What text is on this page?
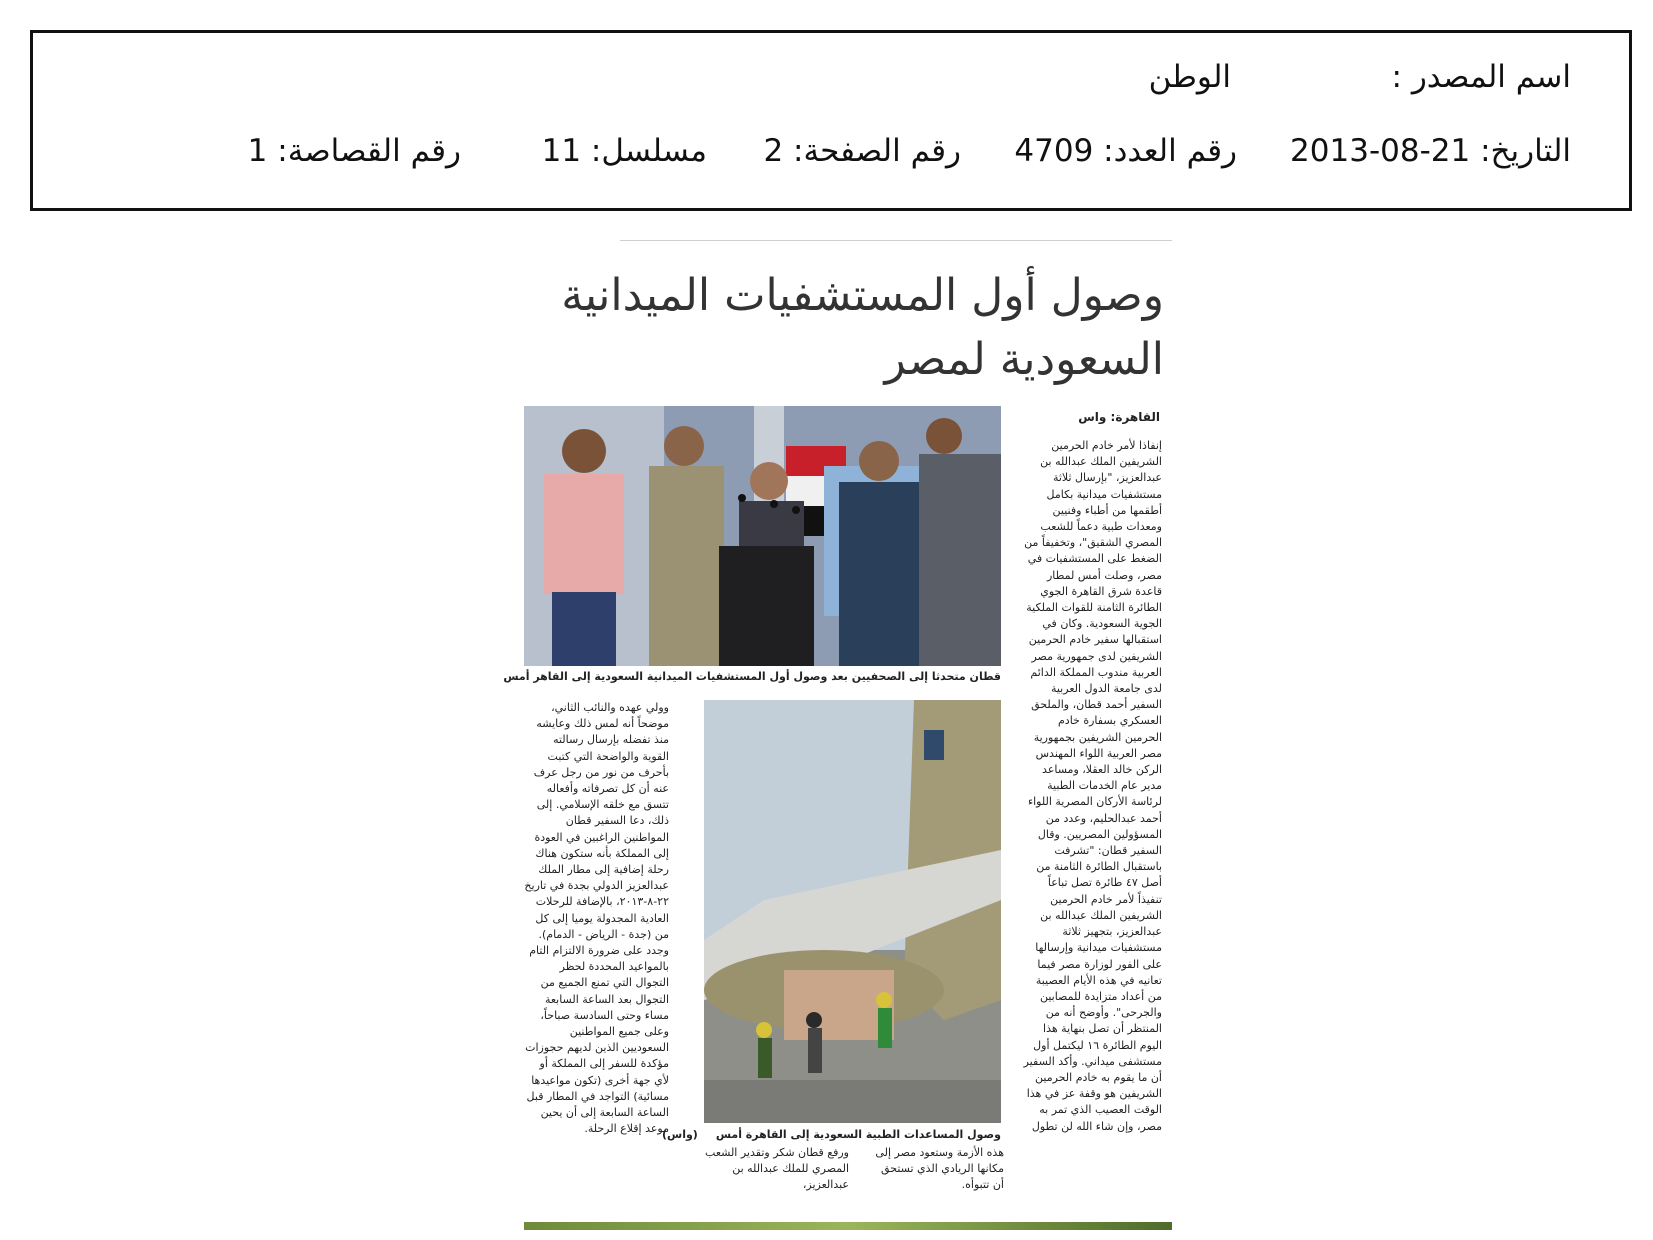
اسم المصدر :
الوطن
التاريخ: 21-08-2013
رقم العدد: 4709
رقم الصفحة: 2
مسلسل: 11
رقم القصاصة: 1
وصول أول المستشفيات الميدانية السعودية لمصر
القاهرة: واس
إنفاذا لأمر خادم الحرمين الشريفين الملك عبدالله بن عبدالعزيز، "بإرسال ثلاثة مستشفيات ميدانية بكامل أطقمها من أطباء وفنيين ومعدات طبية دعماً للشعب المصري الشقيق"، وتخفيفاً من الضغط على المستشفيات في مصر، وصلت أمس لمطار قاعدة شرق القاهرة الجوي الطائرة الثامنة للقوات الملكية الجوية السعودية. وكان في استقبالها سفير خادم الحرمين الشريفين لدى جمهورية مصر العربية مندوب المملكة الدائم لدى جامعة الدول العربية السفير أحمد قطان، والملحق العسكري بسفارة خادم الحرمين الشريفين بجمهورية مصر العربية اللواء المهندس الركن خالد العقلا، ومساعد مدير عام الخدمات الطبية لرئاسة الأركان المصرية اللواء أحمد عبدالحليم، وعدد من المسؤولين المصريين. وقال السفير قطان: "تشرفت باستقبال الطائرة الثامنة من أصل ٤٧ طائرة تصل تباعاً تنفيذاً لأمر خادم الحرمين الشريفين الملك عبدالله بن عبدالعزيز، بتجهيز ثلاثة مستشفيات ميدانية وإرسالها على الفور لوزارة مصر فيما تعانيه في هذه الأيام العصيبة من أعداد متزايدة للمصابين والجرحى". وأوضح أنه من المنتظر أن تصل بنهاية هذا اليوم الطائرة ١٦ ليكتمل أول مستشفى ميداني. وأكد السفير أن ما يقوم به خادم الحرمين الشريفين هو وقفة عز في هذا الوقت العصيب الذي تمر به مصر، وإن شاء الله لن تطول
قطان متحدثا إلى الصحفيين بعد وصول أول المستشفيات الميدانية السعودية إلى القاهر أمس
وولي عهده والنائب الثاني، موضحاً أنه لمس ذلك وعايشه منذ تفضله بإرسال رسالته القوية والواضحة التي كتبت بأحرف من نور من رجل عرف عنه أن كل تصرفاته وأفعاله تتسق مع خلقه الإسلامي. إلى ذلك، دعا السفير قطان المواطنين الراغبين في العودة إلى المملكة بأنه ستكون هناك رحلة إضافية إلى مطار الملك عبدالعزيز الدولي بجدة في تاريخ ٢٢-٨-٢٠١٣، بالإضافة للرحلات العادية المجدولة يوميا إلى كل من (جدة - الرياض - الدمام). وجدد على ضرورة الالتزام التام بالمواعيد المحددة لحظر التجوال التي تمنع الجميع من التجوال بعد الساعة السابعة مساء وحتى السادسة صباحاً، وعلى جميع المواطنين السعوديين الذين لديهم حجوزات مؤكدة للسفر إلى المملكة أو لأي جهة أخرى (تكون مواعيدها مسائية) التواجد في المطار قبل الساعة السابعة إلى أن يحين موعد إقلاع الرحلة.	وصول المساعدات الطبية السعودية إلى القاهرة أمس(واس)
هذه الأزمة وستعود مصر إلى مكانها الريادي الذي تستحق أن تتبوأه.
ورفع قطان شكر وتقدير الشعب المصري للملك عبدالله بن عبدالعزيز،
